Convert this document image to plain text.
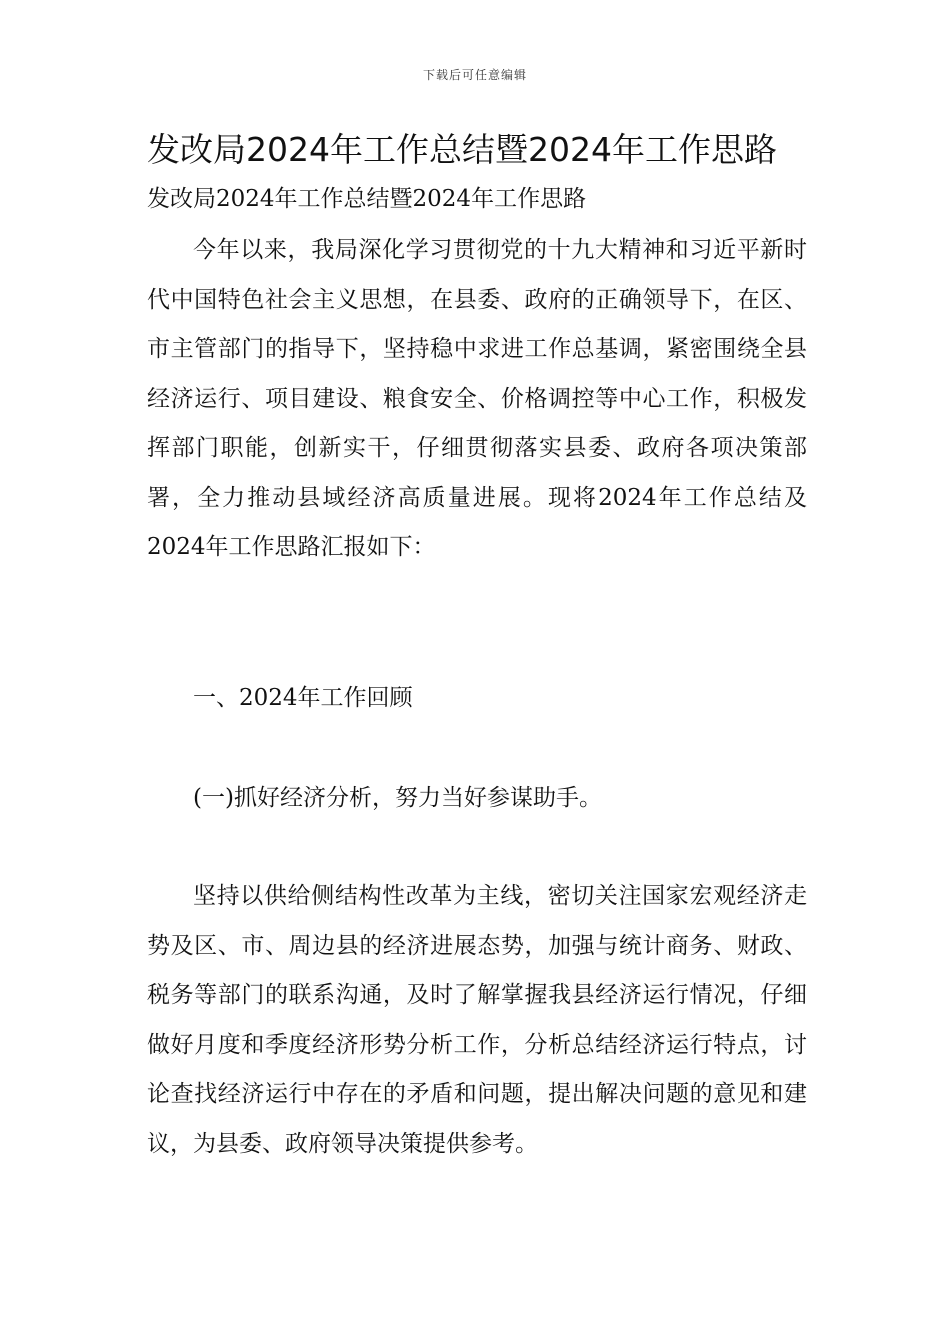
下载后可任意编辑
发改局2024年工作总结暨2024年工作思路
发改局2024年工作总结暨2024年工作思路

今年以来，我局深化学习贯彻党的十九大精神和习近平新时代中国特色社会主义思想，在县委、政府的正确领导下，在区、市主管部门的指导下，坚持稳中求进工作总基调，紧密围绕全县经济运行、项目建设、粮食安全、价格调控等中心工作，积极发挥部门职能，创新实干，仔细贯彻落实县委、政府各项决策部署，全力推动县域经济高质量进展。现将2024年工作总结及2024年工作思路汇报如下：

一、2024年工作回顾

(一)抓好经济分析，努力当好参谋助手。

坚持以供给侧结构性改革为主线，密切关注国家宏观经济走势及区、市、周边县的经济进展态势，加强与统计商务、财政、税务等部门的联系沟通，及时了解掌握我县经济运行情况，仔细做好月度和季度经济形势分析工作，分析总结经济运行特点，讨论查找经济运行中存在的矛盾和问题，提出解决问题的意见和建议，为县委、政府领导决策提供参考。
